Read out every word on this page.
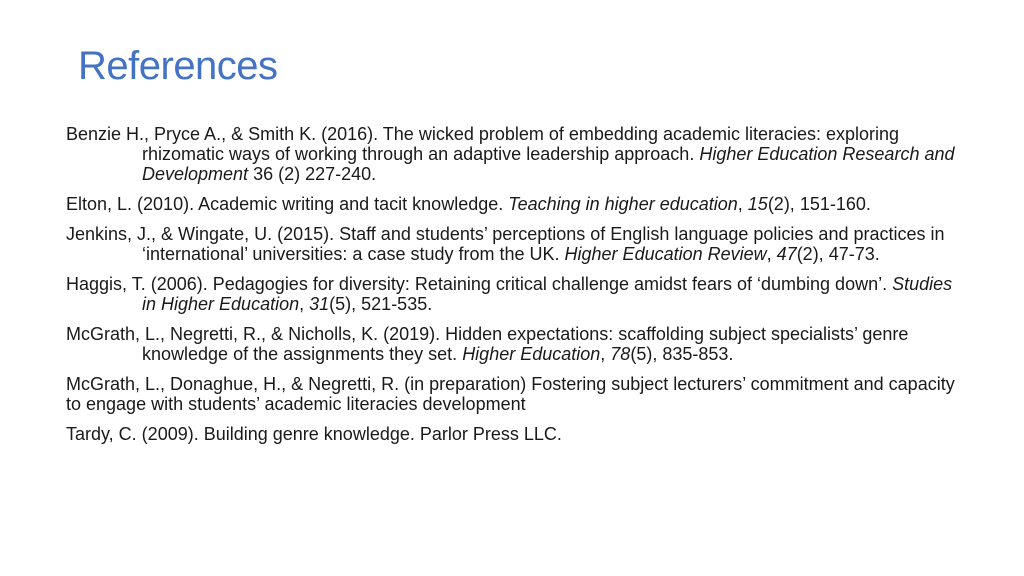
References

Benzie H., Pryce A., & Smith K. (2016). The wicked problem of embedding academic literacies: exploring rhizomatic ways of working through an adaptive leadership approach. Higher Education Research and Development 36 (2) 227-240.

Elton, L. (2010). Academic writing and tacit knowledge. Teaching in higher education, 15(2), 151-160.

Jenkins, J., & Wingate, U. (2015). Staff and students’ perceptions of English language policies and practices in ‘international’ universities: a case study from the UK. Higher Education Review, 47(2), 47-73.

Haggis, T. (2006). Pedagogies for diversity: Retaining critical challenge amidst fears of ‘dumbing down’. Studies in Higher Education, 31(5), 521-535.

McGrath, L., Negretti, R., & Nicholls, K. (2019). Hidden expectations: scaffolding subject specialists’ genre knowledge of the assignments they set. Higher Education, 78(5), 835-853.

McGrath, L., Donaghue, H., & Negretti, R. (in preparation) Fostering subject lecturers’ commitment and capacity to engage with students’ academic literacies development

Tardy, C. (2009). Building genre knowledge. Parlor Press LLC.
